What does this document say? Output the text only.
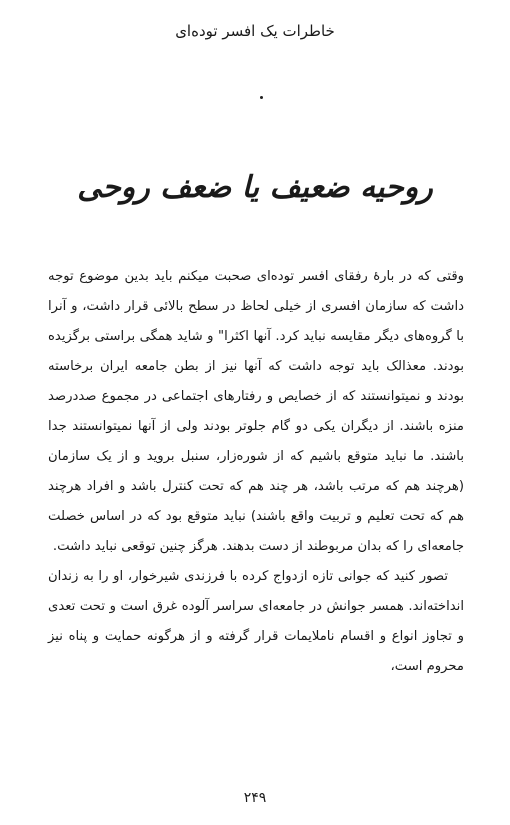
خاطرات یک افسر توده‌ای
روحیه ضعیف یا ضعف روحی

وقتی که در بارهٔ رفقای افسر توده‌ای صحبت میکنم باید بدین موضوع توجه داشت که سازمان افسری از خیلی لحاظ در سطح بالائی قرار داشت، و آنرا با گروه‌های دیگر مقایسه نباید کرد. آنها اکثرا" و شاید همگی براستی برگزیده بودند. معذالک باید توجه داشت که آنها نیز از بطن جامعه ایران برخاسته بودند و نمیتوانستند که از خصایص و رفتارهای اجتماعی در مجموع صددرصد منزه باشند. از دیگران یکی دو گام جلوتر بودند ولی از آنها نمیتوانستند جدا باشند. ما نباید متوقع باشیم که از شوره‌زار، سنبل بروید و از یک سازمان (هرچند هم که مرتب باشد، هر چند هم که تحت کنترل باشد و افراد هرچند هم که تحت تعلیم و تربیت واقع باشند) نباید متوقع بود که در اساس خصلت جامعه‌ای را که بدان مربوطند از دست بدهند. هرگز چنین توقعی نباید داشت.

تصور کنید که جوانی تازه ازدواج کرده با فرزندی شیرخوار، او را به زندان انداخته‌اند. همسر جوانش در جامعه‌ای سراسر آلوده غرق است و تحت تعدی و تجاوز انواع و اقسام ناملایمات قرار گرفته و از هرگونه حمایت و پناه نیز محروم است،

۲۴۹
